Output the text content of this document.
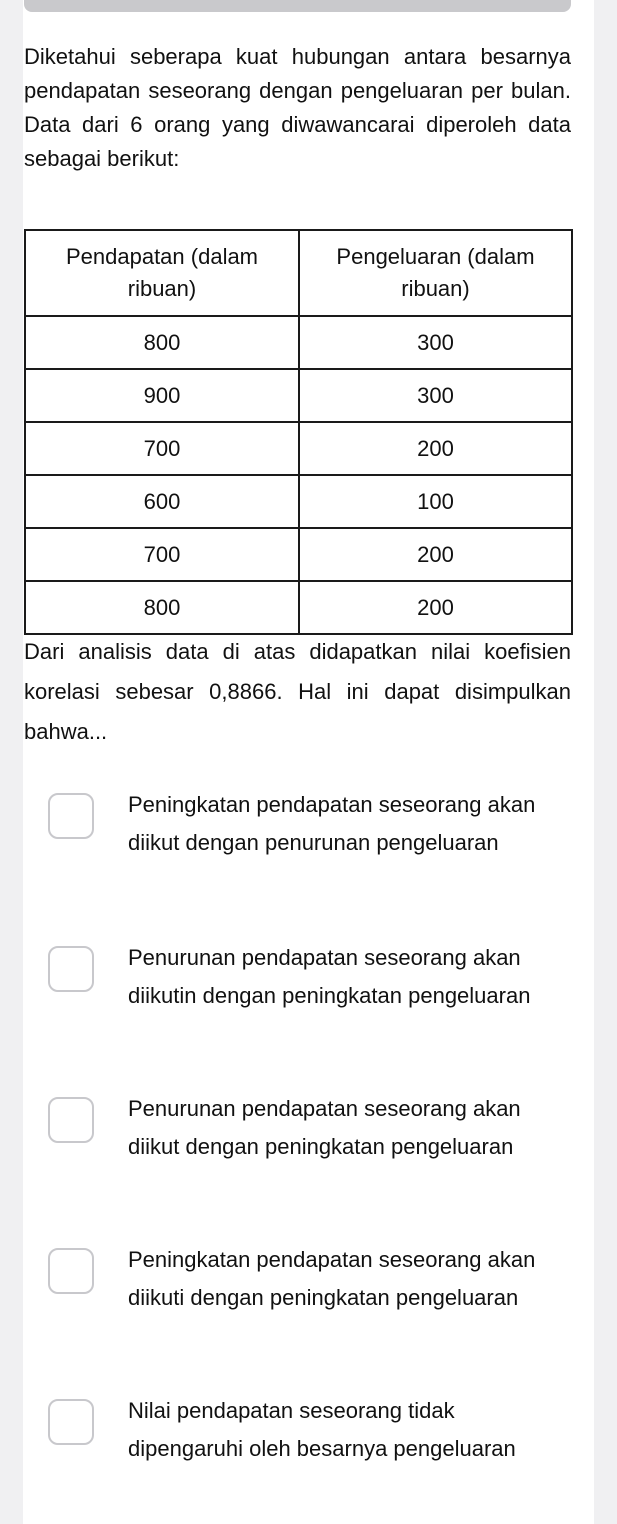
Diketahui seberapa kuat hubungan antara besarnya pendapatan seseorang dengan pengeluaran per bulan. Data dari 6 orang yang diwawancarai diperoleh data sebagai berikut:

Pendapatan (dalam ribuan)	Pengeluaran (dalam ribuan)
800	300
900	300
700	200
600	100
700	200
800	200

Dari analisis data di atas didapatkan nilai koefisien korelasi sebesar 0,8866. Hal ini dapat disimpulkan bahwa...

Peningkatan pendapatan seseorang akan diikut dengan penurunan pengeluaran
Penurunan pendapatan seseorang akan diikutin dengan peningkatan pengeluaran
Penurunan pendapatan seseorang akan diikut dengan peningkatan pengeluaran
Peningkatan pendapatan seseorang akan diikuti dengan peningkatan pengeluaran
Nilai pendapatan seseorang tidak dipengaruhi oleh besarnya pengeluaran
